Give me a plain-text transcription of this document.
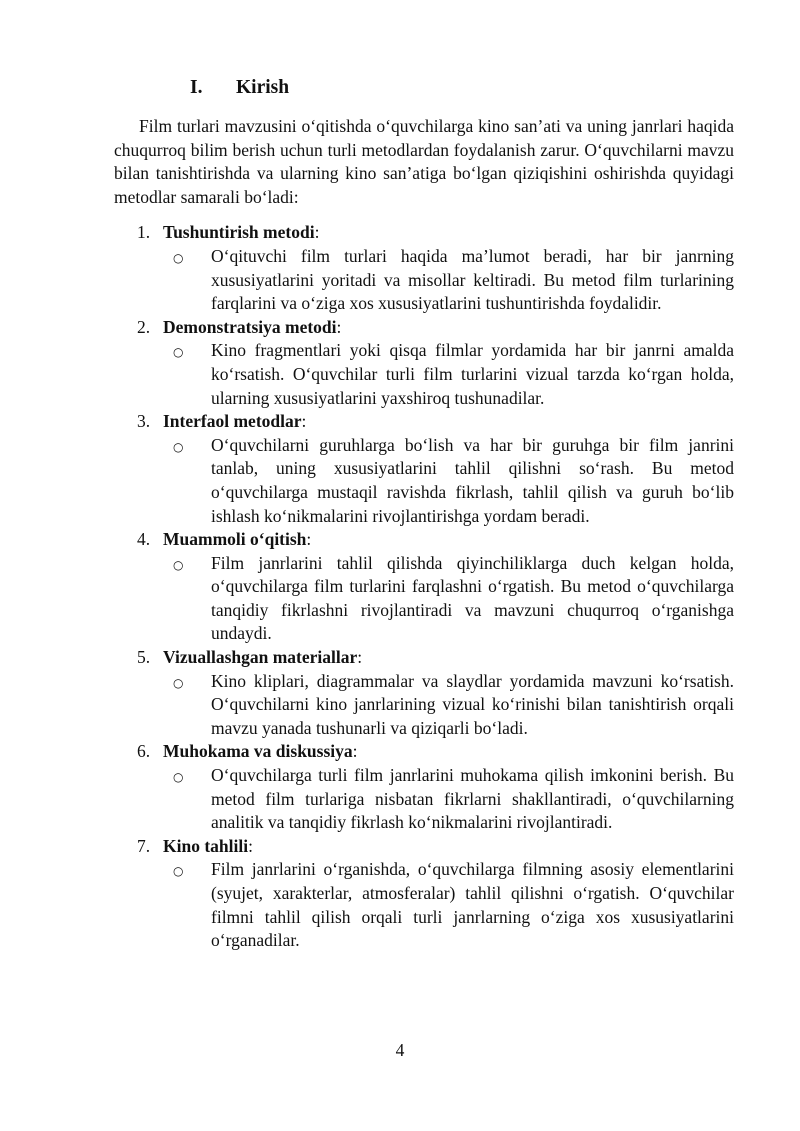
I.	Kirish

Film turlari mavzusini o‘qitishda o‘quvchilarga kino san’ati va uning janrlari haqida chuqurroq bilim berish uchun turli metodlardan foydalanish zarur. O‘quvchilarni mavzu bilan tanishtirishda va ularning kino san’atiga bo‘lgan qiziqishini oshirishda quyidagi metodlar samarali bo‘ladi:

1. Tushuntirish metodi:
○	O‘qituvchi film turlari haqida ma’lumot beradi, har bir janrning xususiyatlarini yoritadi va misollar keltiradi. Bu metod film turlarining farqlarini va o‘ziga xos xususiyatlarini tushuntirishda foydalidir.
2. Demonstratsiya metodi:
○	Kino fragmentlari yoki qisqa filmlar yordamida har bir janrni amalda ko‘rsatish. O‘quvchilar turli film turlarini vizual tarzda ko‘rgan holda, ularning xususiyatlarini yaxshiroq tushunadilar.
3. Interfaol metodlar:
○	O‘quvchilarni guruhlarga bo‘lish va har bir guruhga bir film janrini tanlab, uning xususiyatlarini tahlil qilishni so‘rash. Bu metod o‘quvchilarga mustaqil ravishda fikrlash, tahlil qilish va guruh bo‘lib ishlash ko‘nikmalarini rivojlantirishga yordam beradi.
4. Muammoli o‘qitish:
○	Film janrlarini tahlil qilishda qiyinchiliklarga duch kelgan holda, o‘quvchilarga film turlarini farqlashni o‘rgatish. Bu metod o‘quvchilarga tanqidiy fikrlashni rivojlantiradi va mavzuni chuqurroq o‘rganishga undaydi.
5. Vizuallashgan materiallar:
○	Kino kliplari, diagrammalar va slaydlar yordamida mavzuni ko‘rsatish. O‘quvchilarni kino janrlarining vizual ko‘rinishi bilan tanishtirish orqali mavzu yanada tushunarli va qiziqarli bo‘ladi.
6. Muhokama va diskussiya:
○	O‘quvchilarga turli film janrlarini muhokama qilish imkonini berish. Bu metod film turlariga nisbatan fikrlarni shakllantiradi, o‘quvchilarning analitik va tanqidiy fikrlash ko‘nikmalarini rivojlantiradi.
7. Kino tahlili:
○	Film janrlarini o‘rganishda, o‘quvchilarga filmning asosiy elementlarini (syujet, xarakterlar, atmosferalar) tahlil qilishni o‘rgatish. O‘quvchilar filmni tahlil qilish orqali turli janrlarning o‘ziga xos xususiyatlarini o‘rganadilar.
4
